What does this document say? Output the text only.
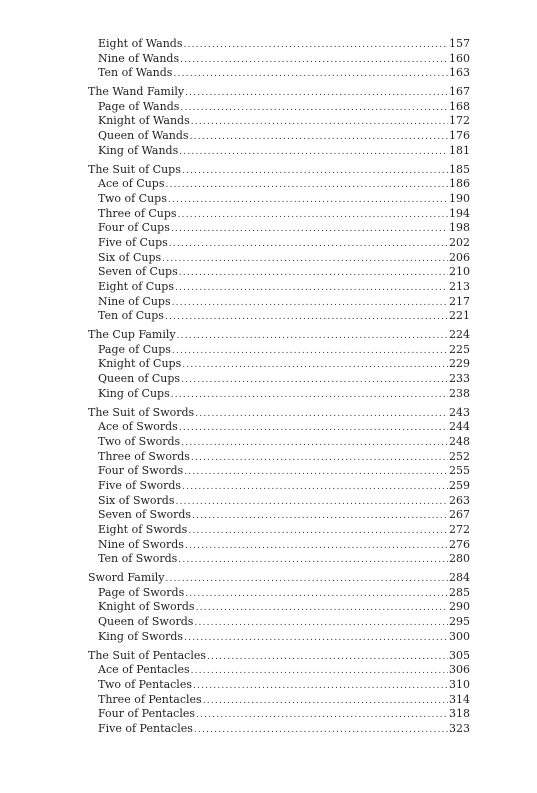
Eight of Wands .....	157
Nine of Wands .....	160
Ten of Wands .....	163
The Wand Family .....	167
Page of Wands .....	168
Knight of Wands .....	172
Queen of Wands .....	176
King of Wands .....	181
The Suit of Cups .....	185
Ace of Cups .....	186
Two of Cups .....	190
Three of Cups .....	194
Four of Cups .....	198
Five of Cups .....	202
Six of Cups .....	206
Seven of Cups .....	210
Eight of Cups .....	213
Nine of Cups .....	217
Ten of Cups .....	221
The Cup Family .....	224
Page of Cups .....	225
Knight of Cups .....	229
Queen of Cups .....	233
King of Cups .....	238
The Suit of Swords .....	243
Ace of Swords .....	244
Two of Swords .....	248
Three of Swords .....	252
Four of Swords .....	255
Five of Swords .....	259
Six of Swords .....	263
Seven of Swords .....	267
Eight of Swords .....	272
Nine of Swords .....	276
Ten of Swords .....	280
Sword Family .....	284
Page of Swords .....	285
Knight of Swords .....	290
Queen of Swords .....	295
King of Swords .....	300
The Suit of Pentacles .....	305
Ace of Pentacles .....	306
Two of Pentacles .....	310
Three of Pentacles .....	314
Four of Pentacles .....	318
Five of Pentacles .....	323
